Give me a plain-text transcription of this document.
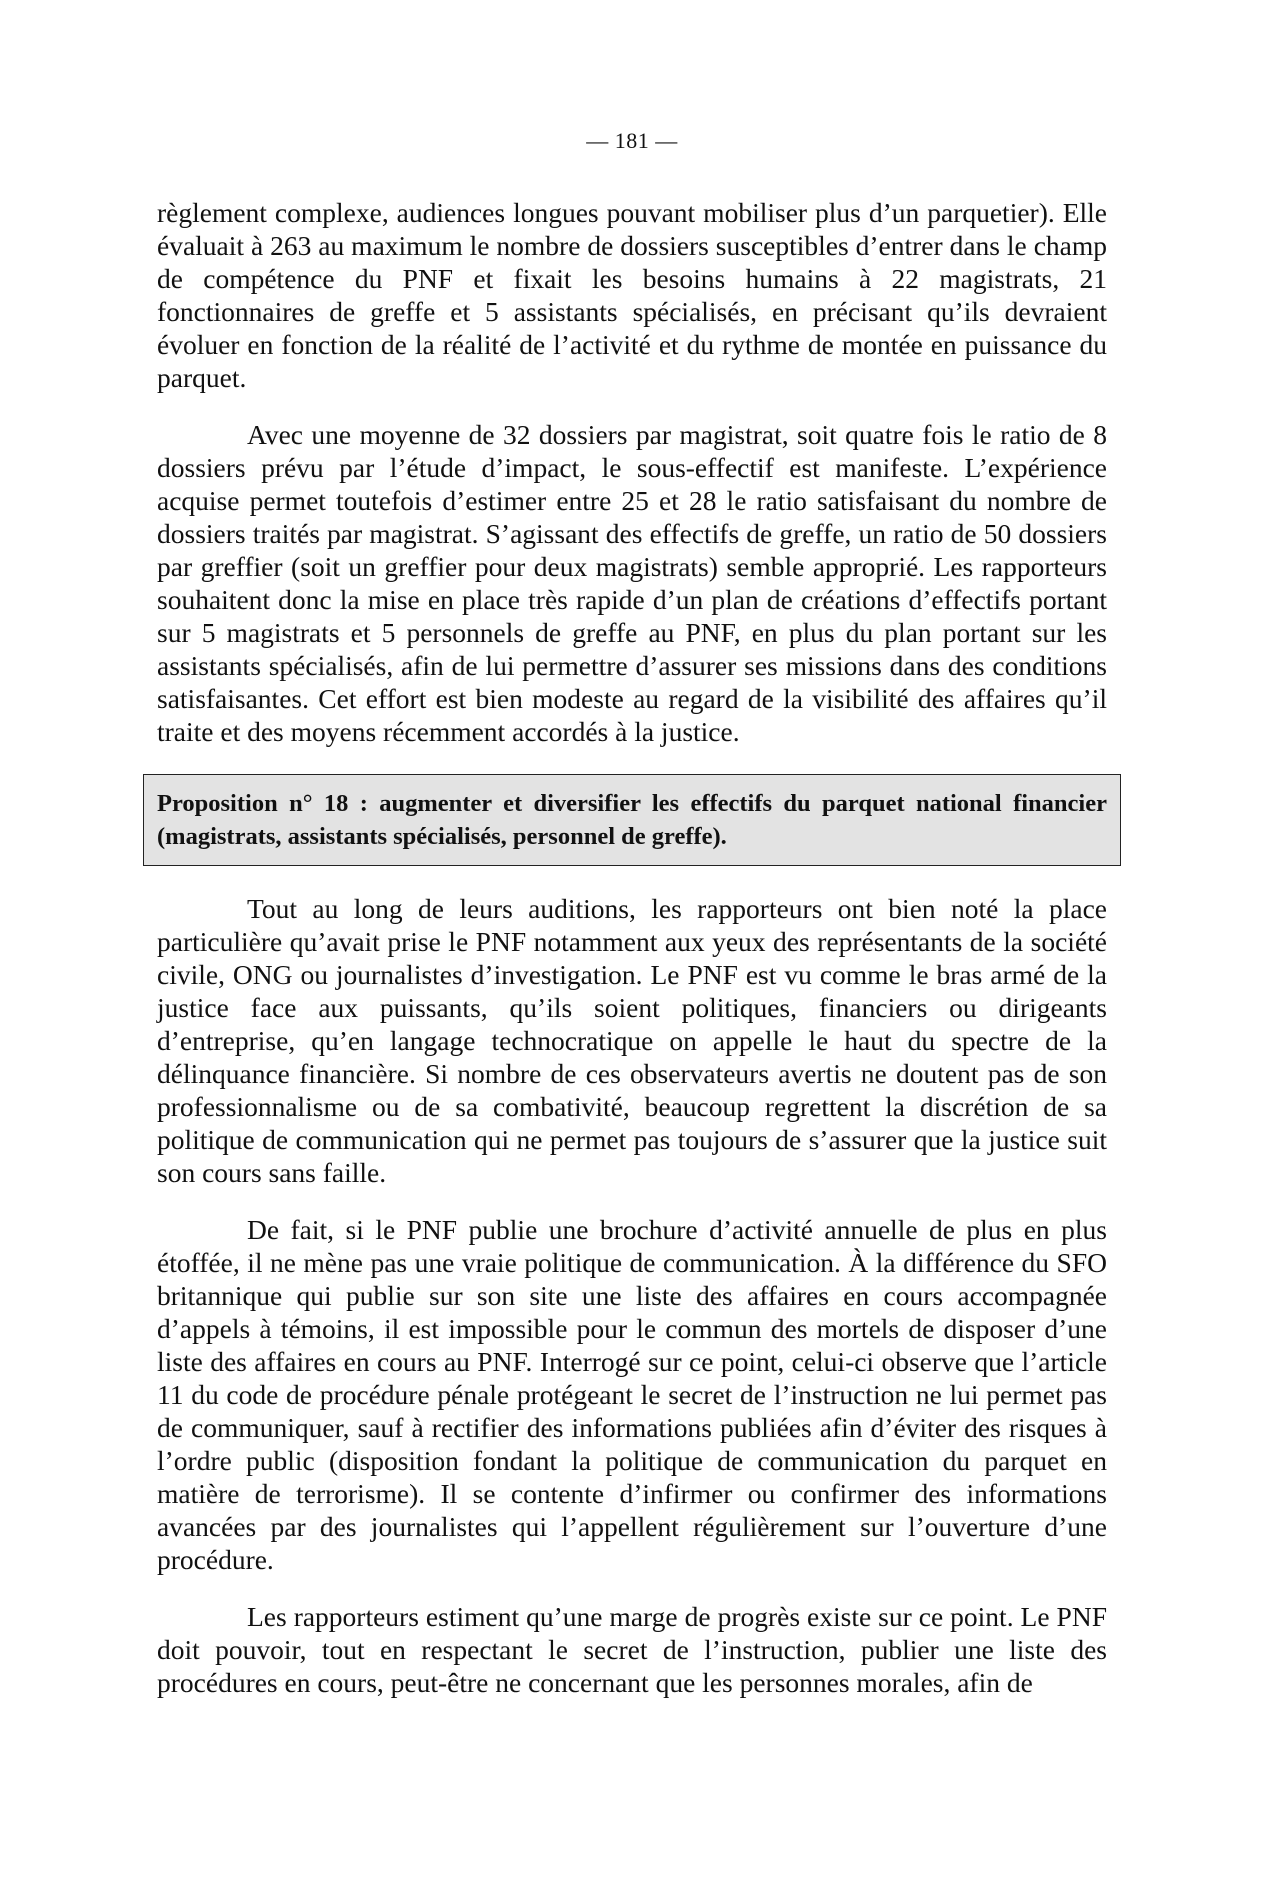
— 181 —

règlement complexe, audiences longues pouvant mobiliser plus d’un parquetier). Elle évaluait à 263 au maximum le nombre de dossiers susceptibles d’entrer dans le champ de compétence du PNF et fixait les besoins humains à 22 magistrats, 21 fonctionnaires de greffe et 5 assistants spécialisés, en précisant qu’ils devraient évoluer en fonction de la réalité de l’activité et du rythme de montée en puissance du parquet.

Avec une moyenne de 32 dossiers par magistrat, soit quatre fois le ratio de 8 dossiers prévu par l’étude d’impact, le sous-effectif est manifeste. L’expérience acquise permet toutefois d’estimer entre 25 et 28 le ratio satisfaisant du nombre de dossiers traités par magistrat. S’agissant des effectifs de greffe, un ratio de 50 dossiers par greffier (soit un greffier pour deux magistrats) semble approprié. Les rapporteurs souhaitent donc la mise en place très rapide d’un plan de créations d’effectifs portant sur 5 magistrats et 5 personnels de greffe au PNF, en plus du plan portant sur les assistants spécialisés, afin de lui permettre d’assurer ses missions dans des conditions satisfaisantes. Cet effort est bien modeste au regard de la visibilité des affaires qu’il traite et des moyens récemment accordés à la justice.

Proposition n° 18 : augmenter et diversifier les effectifs du parquet national financier (magistrats, assistants spécialisés, personnel de greffe).

Tout au long de leurs auditions, les rapporteurs ont bien noté la place particulière qu’avait prise le PNF notamment aux yeux des représentants de la société civile, ONG ou journalistes d’investigation. Le PNF est vu comme le bras armé de la justice face aux puissants, qu’ils soient politiques, financiers ou dirigeants d’entreprise, qu’en langage technocratique on appelle le haut du spectre de la délinquance financière. Si nombre de ces observateurs avertis ne doutent pas de son professionnalisme ou de sa combativité, beaucoup regrettent la discrétion de sa politique de communication qui ne permet pas toujours de s’assurer que la justice suit son cours sans faille.

De fait, si le PNF publie une brochure d’activité annuelle de plus en plus étoffée, il ne mène pas une vraie politique de communication. À la différence du SFO britannique qui publie sur son site une liste des affaires en cours accompagnée d’appels à témoins, il est impossible pour le commun des mortels de disposer d’une liste des affaires en cours au PNF. Interrogé sur ce point, celui-ci observe que l’article 11 du code de procédure pénale protégeant le secret de l’instruction ne lui permet pas de communiquer, sauf à rectifier des informations publiées afin d’éviter des risques à l’ordre public (disposition fondant la politique de communication du parquet en matière de terrorisme). Il se contente d’infirmer ou confirmer des informations avancées par des journalistes qui l’appellent régulièrement sur l’ouverture d’une procédure.

Les rapporteurs estiment qu’une marge de progrès existe sur ce point. Le PNF doit pouvoir, tout en respectant le secret de l’instruction, publier une liste des procédures en cours, peut-être ne concernant que les personnes morales, afin de
